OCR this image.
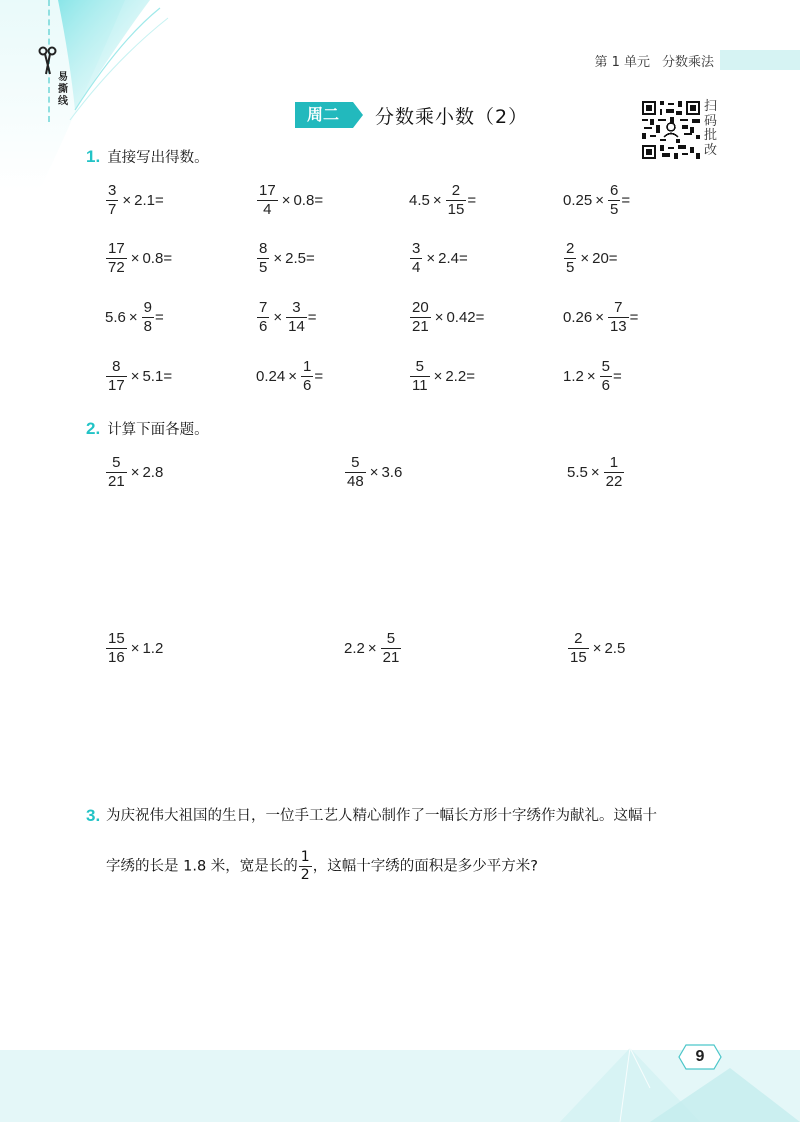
易撕线
第 1 单元 分数乘法
周二	分数乘小数（2）	扫码批改
1. 直接写出得数。
$\frac{3}{7} \times 2.1$ =	$\frac{17}{4} \times 0.8$ =	$4.5 \times \frac{2}{15}$ =	$0.25 \times \frac{6}{5}$ =
$\frac{17}{72} \times 0.8$ =	$\frac{8}{5} \times 2.5$ =	$\frac{3}{4} \times 2.4$ =	$\frac{2}{5} \times 20$ =
$5.6 \times \frac{9}{8}$ =	$\frac{7}{6} \times \frac{3}{14}$ =	$\frac{20}{21} \times 0.42$ =	$0.26 \times \frac{7}{13}$ =
$\frac{8}{17} \times 5.1$ =	$0.24 \times \frac{1}{6}$ =	$\frac{5}{11} \times 2.2$ =	$1.2 \times \frac{5}{6}$ =
2. 计算下面各题。
$\frac{5}{21} \times 2.8$	$\frac{5}{48} \times 3.6$	$5.5 \times \frac{1}{22}$
$\frac{15}{16} \times 1.2$	$2.2 \times \frac{5}{21}$	$\frac{2}{15} \times 2.5$
3. 为庆祝伟大祖国的生日，一位手工艺人精心制作了一幅长方形十字绣作为献礼。这幅十
字绣的长是 1.8 米，宽是长的 $\frac{1}{2}$ ，这幅十字绣的面积是多少平方米?
9
